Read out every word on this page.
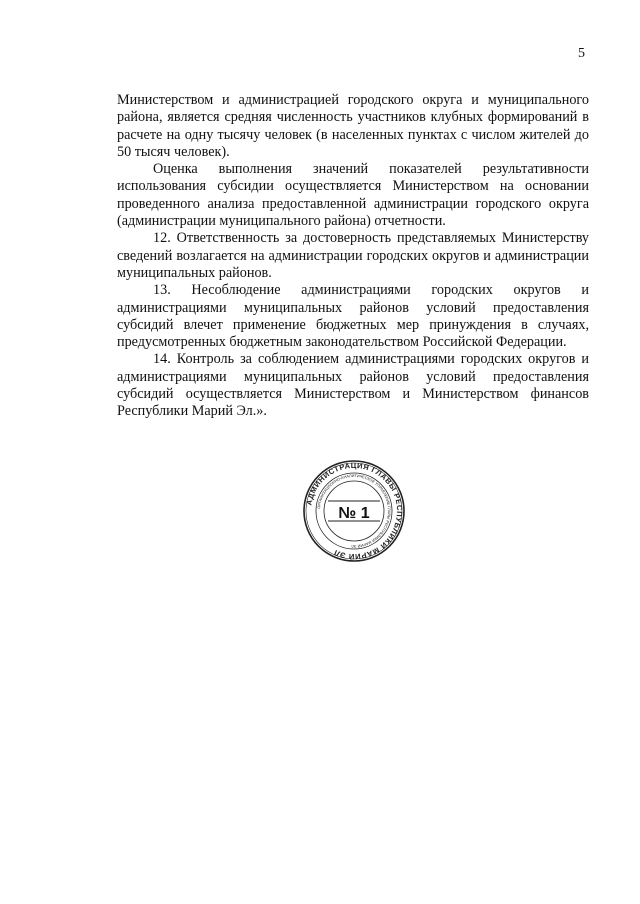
5

Министерством и администрацией городского округа и муниципального района, является средняя численность участников клубных формирований в расчете на одну тысячу человек (в населенных пунктах с числом жителей до 50 тысяч человек).

Оценка выполнения значений показателей результативности использования субсидии осуществляется Министерством на основании проведенного анализа предоставленной администрации городского округа (администрации муниципального района) отчетности.

12. Ответственность за достоверность представляемых Министерству сведений возлагается на администрации городских округов и администрации муниципальных районов.

13. Несоблюдение администрациями городских округов и администрациями муниципальных районов условий предоставления субсидий влечет применение бюджетных мер принуждения в случаях, предусмотренных бюджетным законодательством Российской Федерации.

14. Контроль за соблюдением администрациями городских округов и администрациями муниципальных районов условий предоставления субсидий осуществляется Министерством и Министерством финансов Республики Марий Эл.».

АДМИНИСТРАЦИЯ ГЛАВЫ РЕСПУБЛИКИ МАРИЙ ЭЛ
ОРГАНИЗАЦИОННО-АНАЛИТИЧЕСКОЕ УПРАВЛЕНИЕ ГЛАВЫ РЕСПУБЛИКИ МАРИЙ ЭЛ
№ 1
